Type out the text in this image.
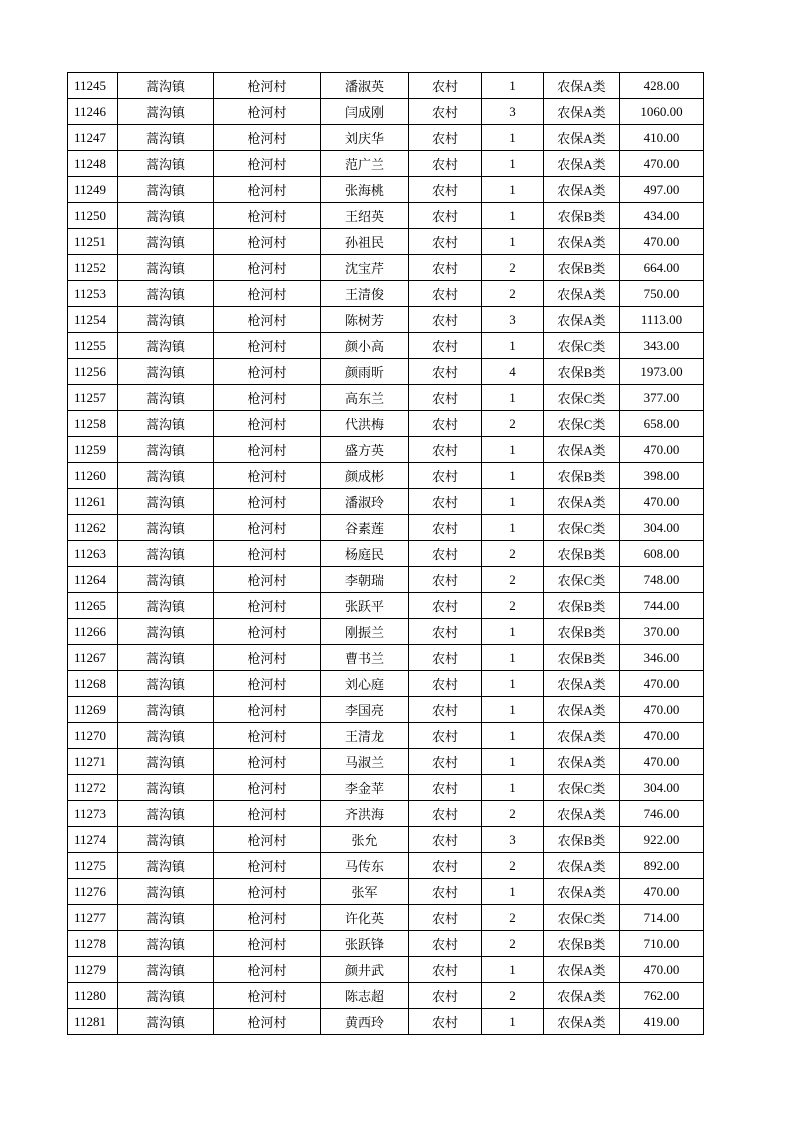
11245	蒿沟镇	枪河村	潘淑英	农村	1	农保A类	428.00
11246	蒿沟镇	枪河村	闫成刚	农村	3	农保A类	1060.00
11247	蒿沟镇	枪河村	刘庆华	农村	1	农保A类	410.00
11248	蒿沟镇	枪河村	范广兰	农村	1	农保A类	470.00
11249	蒿沟镇	枪河村	张海桃	农村	1	农保A类	497.00
11250	蒿沟镇	枪河村	王绍英	农村	1	农保B类	434.00
11251	蒿沟镇	枪河村	孙祖民	农村	1	农保A类	470.00
11252	蒿沟镇	枪河村	沈宝芹	农村	2	农保B类	664.00
11253	蒿沟镇	枪河村	王清俊	农村	2	农保A类	750.00
11254	蒿沟镇	枪河村	陈树芳	农村	3	农保A类	1113.00
11255	蒿沟镇	枪河村	颜小高	农村	1	农保C类	343.00
11256	蒿沟镇	枪河村	颜雨昕	农村	4	农保B类	1973.00
11257	蒿沟镇	枪河村	高东兰	农村	1	农保C类	377.00
11258	蒿沟镇	枪河村	代洪梅	农村	2	农保C类	658.00
11259	蒿沟镇	枪河村	盛方英	农村	1	农保A类	470.00
11260	蒿沟镇	枪河村	颜成彬	农村	1	农保B类	398.00
11261	蒿沟镇	枪河村	潘淑玲	农村	1	农保A类	470.00
11262	蒿沟镇	枪河村	谷素莲	农村	1	农保C类	304.00
11263	蒿沟镇	枪河村	杨庭民	农村	2	农保B类	608.00
11264	蒿沟镇	枪河村	李朝瑞	农村	2	农保C类	748.00
11265	蒿沟镇	枪河村	张跃平	农村	2	农保B类	744.00
11266	蒿沟镇	枪河村	刚振兰	农村	1	农保B类	370.00
11267	蒿沟镇	枪河村	曹书兰	农村	1	农保B类	346.00
11268	蒿沟镇	枪河村	刘心庭	农村	1	农保A类	470.00
11269	蒿沟镇	枪河村	李国亮	农村	1	农保A类	470.00
11270	蒿沟镇	枪河村	王清龙	农村	1	农保A类	470.00
11271	蒿沟镇	枪河村	马淑兰	农村	1	农保A类	470.00
11272	蒿沟镇	枪河村	李金苹	农村	1	农保C类	304.00
11273	蒿沟镇	枪河村	齐洪海	农村	2	农保A类	746.00
11274	蒿沟镇	枪河村	张允	农村	3	农保B类	922.00
11275	蒿沟镇	枪河村	马传东	农村	2	农保A类	892.00
11276	蒿沟镇	枪河村	张军	农村	1	农保A类	470.00
11277	蒿沟镇	枪河村	许化英	农村	2	农保C类	714.00
11278	蒿沟镇	枪河村	张跃锋	农村	2	农保B类	710.00
11279	蒿沟镇	枪河村	颜井武	农村	1	农保A类	470.00
11280	蒿沟镇	枪河村	陈志超	农村	2	农保A类	762.00
11281	蒿沟镇	枪河村	黄西玲	农村	1	农保A类	419.00
